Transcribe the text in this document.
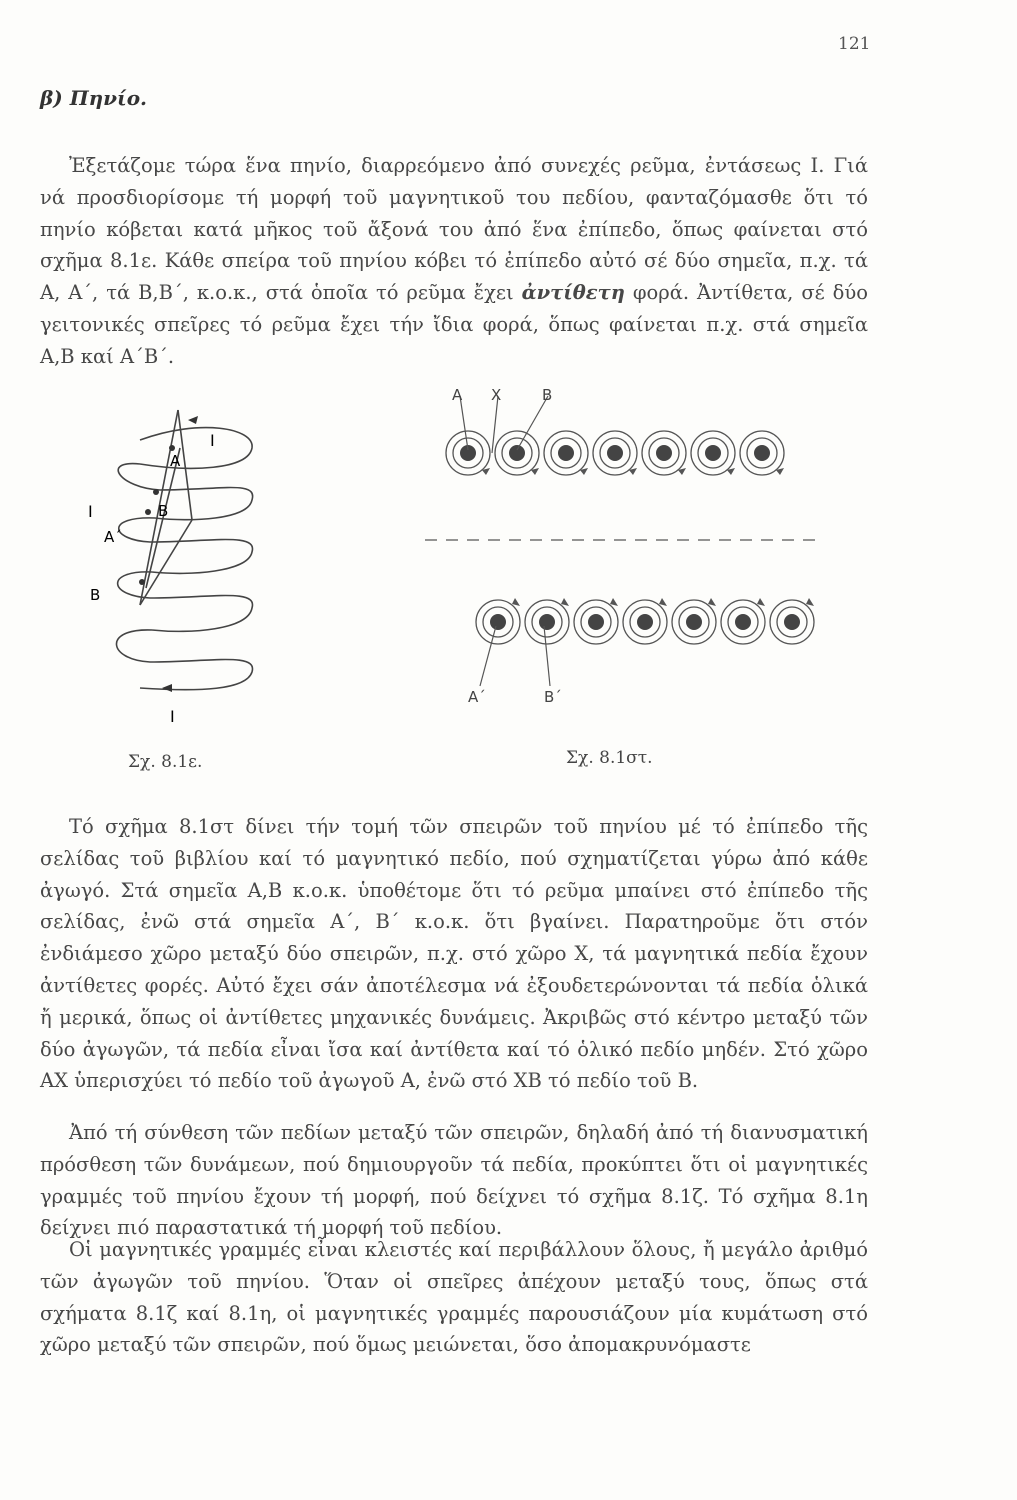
121
β) Πηνίο.

Ἐξετάζομε τώρα ἕνα πηνίο, διαρρεόμενο ἀπό συνεχές ρεῦμα, ἐντάσεως Ι. Γιά νά προσδιορίσομε τή μορφή τοῦ μαγνητικοῦ του πεδίου, φανταζόμασθε ὅτι τό πηνίο κόβεται κατά μῆκος τοῦ ἄξονά του ἀπό ἕνα ἐπίπεδο, ὅπως φαίνεται στό σχῆμα 8.1ε. Κάθε σπείρα τοῦ πηνίου κόβει τό ἐπίπεδο αὐτό σέ δύο σημεῖα, π.χ. τά Α, Α΄, τά Β,Β΄, κ.ο.κ., στά ὁποῖα τό ρεῦμα ἔχει ἀντίθετη φορά. Ἀντίθετα, σέ δύο γειτονικές σπεῖρες τό ρεῦμα ἔχει τήν ἴδια φορά, ὅπως φαίνεται π.χ. στά σημεῖα Α,Β καί Α΄Β΄.

A
B
A΄
B
I
I
I
Σχ. 8.1ε.
A X	B
A΄	B΄
Σχ. 8.1στ.

Τό σχῆμα 8.1στ δίνει τήν τομή τῶν σπειρῶν τοῦ πηνίου μέ τό ἐπίπεδο τῆς σελίδας τοῦ βιβλίου καί τό μαγνητικό πεδίο, πού σχηματίζεται γύρω ἀπό κάθε ἀγωγό. Στά σημεῖα Α,Β κ.ο.κ. ὑποθέτομε ὅτι τό ρεῦμα μπαίνει στό ἐπίπεδο τῆς σελίδας, ἐνῶ στά σημεῖα Α΄, Β΄ κ.ο.κ. ὅτι βγαίνει. Παρατηροῦμε ὅτι στόν ἐνδιάμεσο χῶρο μεταξύ δύο σπειρῶν, π.χ. στό χῶρο Χ, τά μαγνητικά πεδία ἔχουν ἀντίθετες φορές. Αὐτό ἔχει σάν ἀποτέλεσμα νά ἐξουδετερώνονται τά πεδία ὁλικά ἤ μερικά, ὅπως οἱ ἀντίθετες μηχανικές δυνάμεις. Ἀκριβῶς στό κέντρο μεταξύ τῶν δύο ἀγωγῶν, τά πεδία εἶναι ἴσα καί ἀντίθετα καί τό ὁλικό πεδίο μηδέν. Στό χῶρο ΑΧ ὑπερισχύει τό πεδίο τοῦ ἀγωγοῦ Α, ἐνῶ στό ΧΒ τό πεδίο τοῦ Β.

Ἀπό τή σύνθεση τῶν πεδίων μεταξύ τῶν σπειρῶν, δηλαδή ἀπό τή διανυσματική πρόσθεση τῶν δυνάμεων, πού δημιουργοῦν τά πεδία, προκύπτει ὅτι οἱ μαγνητικές γραμμές τοῦ πηνίου ἔχουν τή μορφή, πού δείχνει τό σχῆμα 8.1ζ. Τό σχῆμα 8.1η δείχνει πιό παραστατικά τή μορφή τοῦ πεδίου.

Οἱ μαγνητικές γραμμές εἶναι κλειστές καί περιβάλλουν ὅλους, ἤ μεγάλο ἀριθμό τῶν ἀγωγῶν τοῦ πηνίου. Ὅταν οἱ σπεῖρες ἀπέχουν μεταξύ τους, ὅπως στά σχήματα 8.1ζ καί 8.1η, οἱ μαγνητικές γραμμές παρουσιάζουν μία κυμάτωση στό χῶρο μεταξύ τῶν σπειρῶν, πού ὅμως μειώνεται, ὅσο ἀπομακρυνόμαστε
